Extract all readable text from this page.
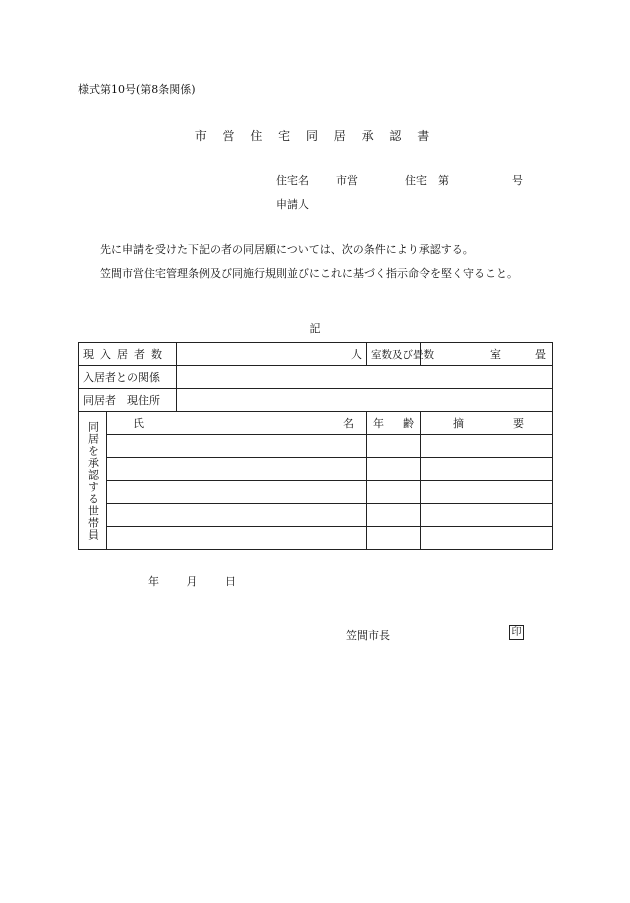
様式第10号(第8条関係)
市 営 住 宅 同 居 承 認 書
住宅名 市営	住宅　第	号
申請人
先に申請を受けた下記の者の同居願については、次の条件により承認する。
笠間市営住宅管理条例及び同施行規則並びにこれに基づく指示命令を堅く守ること。
記
現入居者数		人	室数及び畳数	室 畳

入居者との関係				
同居者　現住所				
同居を承認する世帯員	氏 名		年 齢	摘 要

年	月	日
笠間市長	印
